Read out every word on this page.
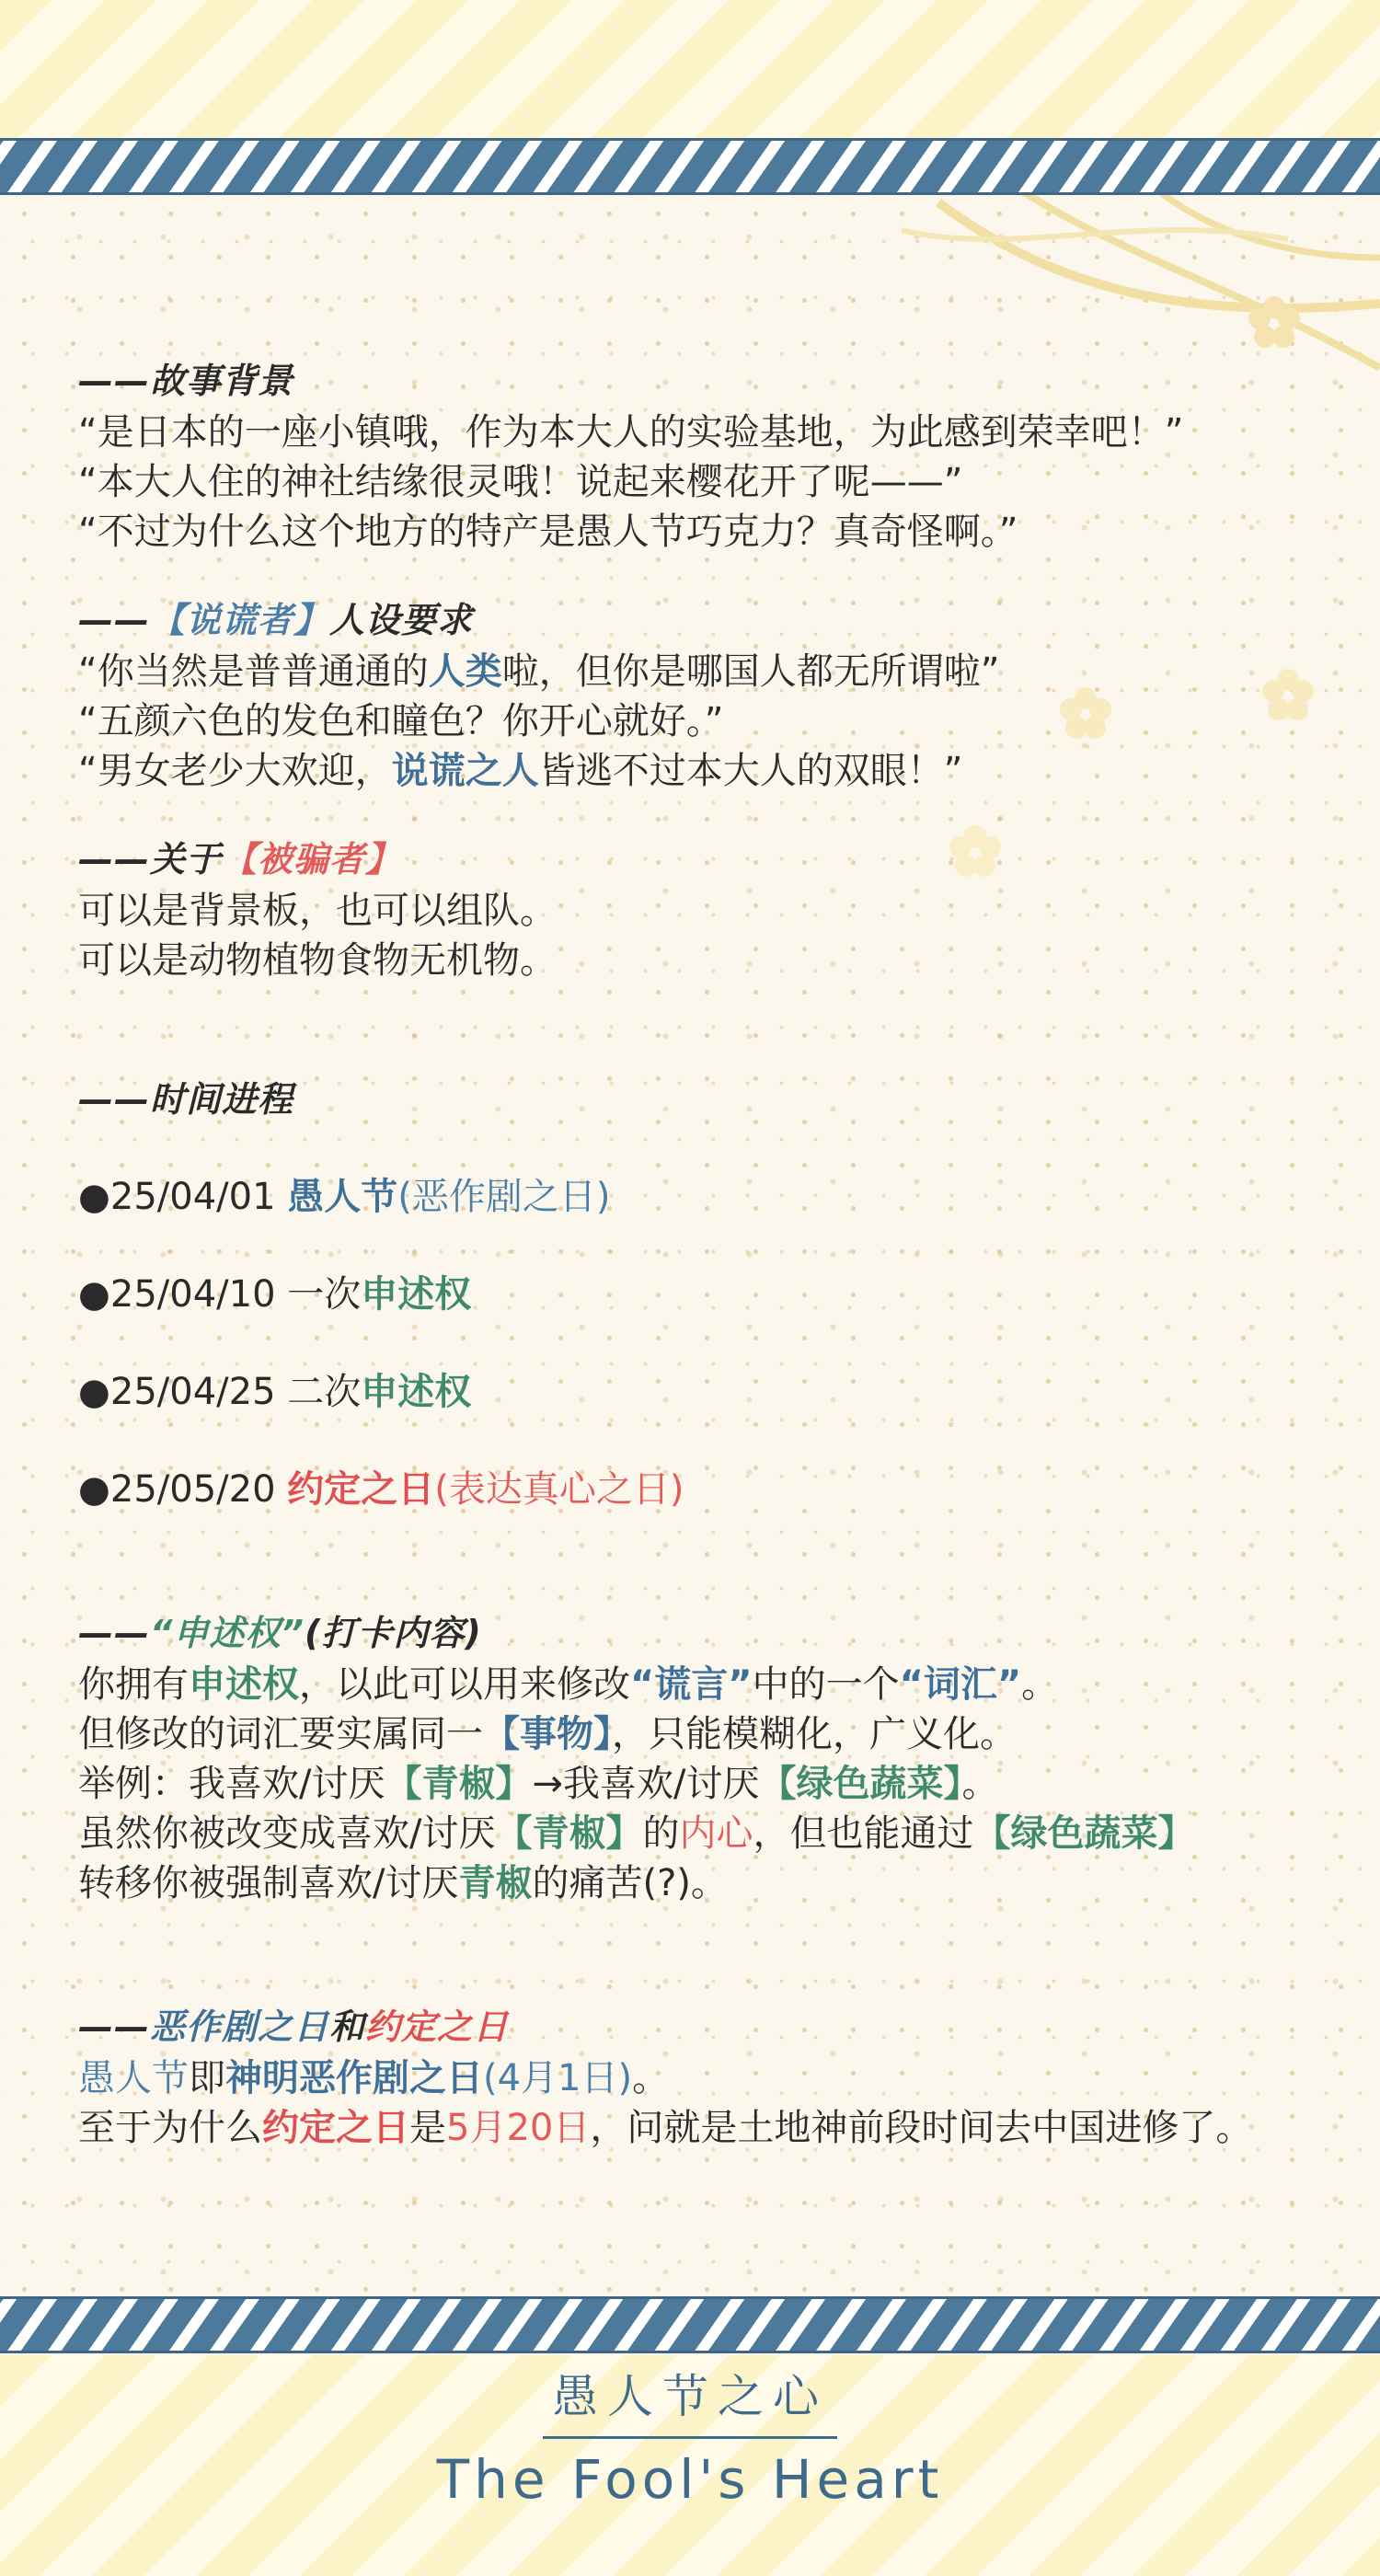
——故事背景

“是日本的一座小镇哦，作为本大人的实验基地，为此感到荣幸吧！”

“本大人住的神社结缘很灵哦！说起来樱花开了呢——”

“不过为什么这个地方的特产是愚人节巧克力？真奇怪啊。”

——【说谎者】人设要求

“你当然是普普通通的人类啦，但你是哪国人都无所谓啦”

“五颜六色的发色和瞳色？你开心就好。”

“男女老少大欢迎，说谎之人皆逃不过本大人的双眼！”

——关于【被骗者】

可以是背景板，也可以组队。

可以是动物植物食物无机物。

——时间进程

●25/04/01 愚人节(恶作剧之日)

●25/04/10 一次申述权

●25/04/25 二次申述权

●25/05/20 约定之日(表达真心之日)

——“申述权”(打卡内容)

你拥有申述权，以此可以用来修改“谎言”中的一个“词汇”。

但修改的词汇要实属同一【事物】，只能模糊化，广义化。

举例：我喜欢/讨厌【青椒】→我喜欢/讨厌【绿色蔬菜】。

虽然你被改变成喜欢/讨厌【青椒】的内心，但也能通过【绿色蔬菜】

转移你被强制喜欢/讨厌青椒的痛苦(?)。

——恶作剧之日和约定之日

愚人节即神明恶作剧之日(4月1日)。

至于为什么约定之日是5月20日，问就是土地神前段时间去中国进修了。

愚人节之心
The Fool's Heart
